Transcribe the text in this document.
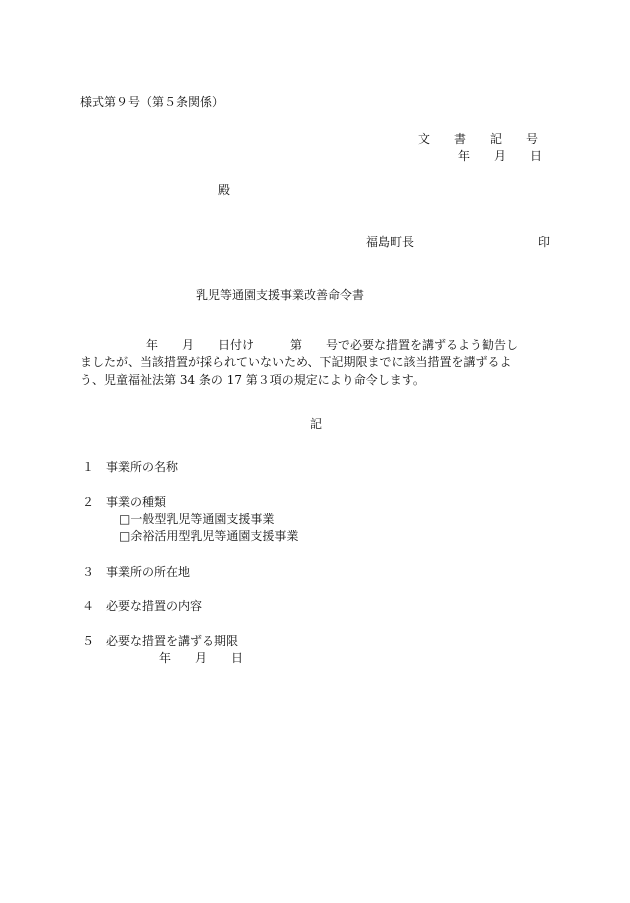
様式第９号（第５条関係）

文　　書　　記　　号

年　　月　　日

殿

福島町長	印

乳児等通園支援事業改善命令書

年　　月　　日付け　　　第　　号で必要な措置を講ずるよう勧告し

ましたが、当該措置が採られていないため、下記期限までに該当措置を講ずるよ

う、児童福祉法第 34 条の 17 第３項の規定により命令します。

記

１ 事業所の名称

２ 事業の種類

□一般型乳児等通園支援事業

□余裕活用型乳児等通園支援事業

３ 事業所の所在地

４ 必要な措置の内容

５ 必要な措置を講ずる期限

年　　月　　日
